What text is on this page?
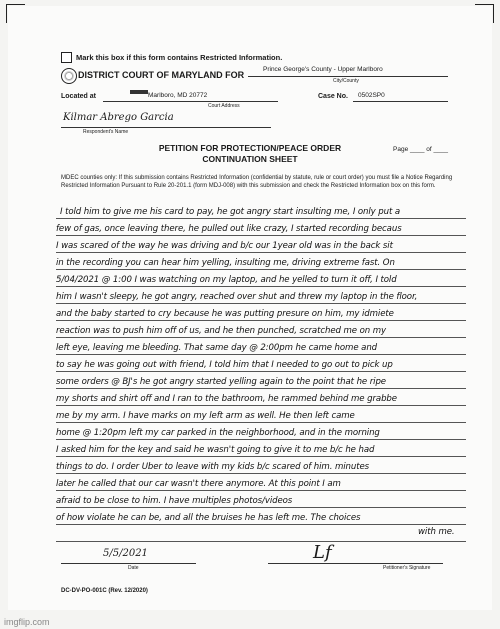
Mark this box if this form contains Restricted Information.
DISTRICT COURT OF MARYLAND FOR
Prince George's County - Upper Marlboro
City/County
Located at	Marlboro, MD 20772
Court Address
Case No. 0502SP0
Kilmar Abrego Garcia
Respondent's Name
PETITION FOR PROTECTION/PEACE ORDER
CONTINUATION SHEET
Page ____ of ____
MDEC counties only: If this submission contains Restricted Information (confidential by statute, rule or court order) you must file a Notice Regarding Restricted Information Pursuant to Rule 20-201.1 (form MDJ-008) with this submission and check the Restricted Information box on this form.
I told him to give me his card to pay, he got angry start insulting me, I only put a
few of gas, once leaving there, he pulled out like crazy, I started recording becaus
I was scared of the way he was driving and b/c our 1year old was in the back sit
in the recording you can hear him yelling, insulting me, driving extreme fast. On
5/04/2021 @ 1:00 I was watching on my laptop, and he yelled to turn it off, I told
him I wasn't sleepy, he got angry, reached over shut and threw my laptop in the floor,
and the baby started to cry because he was putting presure on him, my idmiete
reaction was to push him off of us, and he then punched, scratched me on my
left eye, leaving me bleeding. That same day @ 2:00pm he came home and
to say he was going out with friend, I told him that I needed to go out to pick up
some orders @ BJ's he got angry started yelling again to the point that he ripe
my shorts and shirt off and I ran to the bathroom, he rammed behind me grabbe
me by my arm. I have marks on my left arm as well. He then left came
home @ 1:20pm left my car parked in the neighborhood, and in the morning
I asked him for the key and said he wasn't going to give it to me b/c he had
things to do. I order Uber to leave with my kids b/c scared of him. minutes
later he called that our car wasn't there anymore. At this point I am
afraid to be close to him. I have multiples photos/videos
of how violate he can be, and all the bruises he has left me. The choices
with me.
5/5/2021
Date
Lf
Petitioner's Signature
DC-DV-PO-001C (Rev. 12/2020)
imgflip.com
